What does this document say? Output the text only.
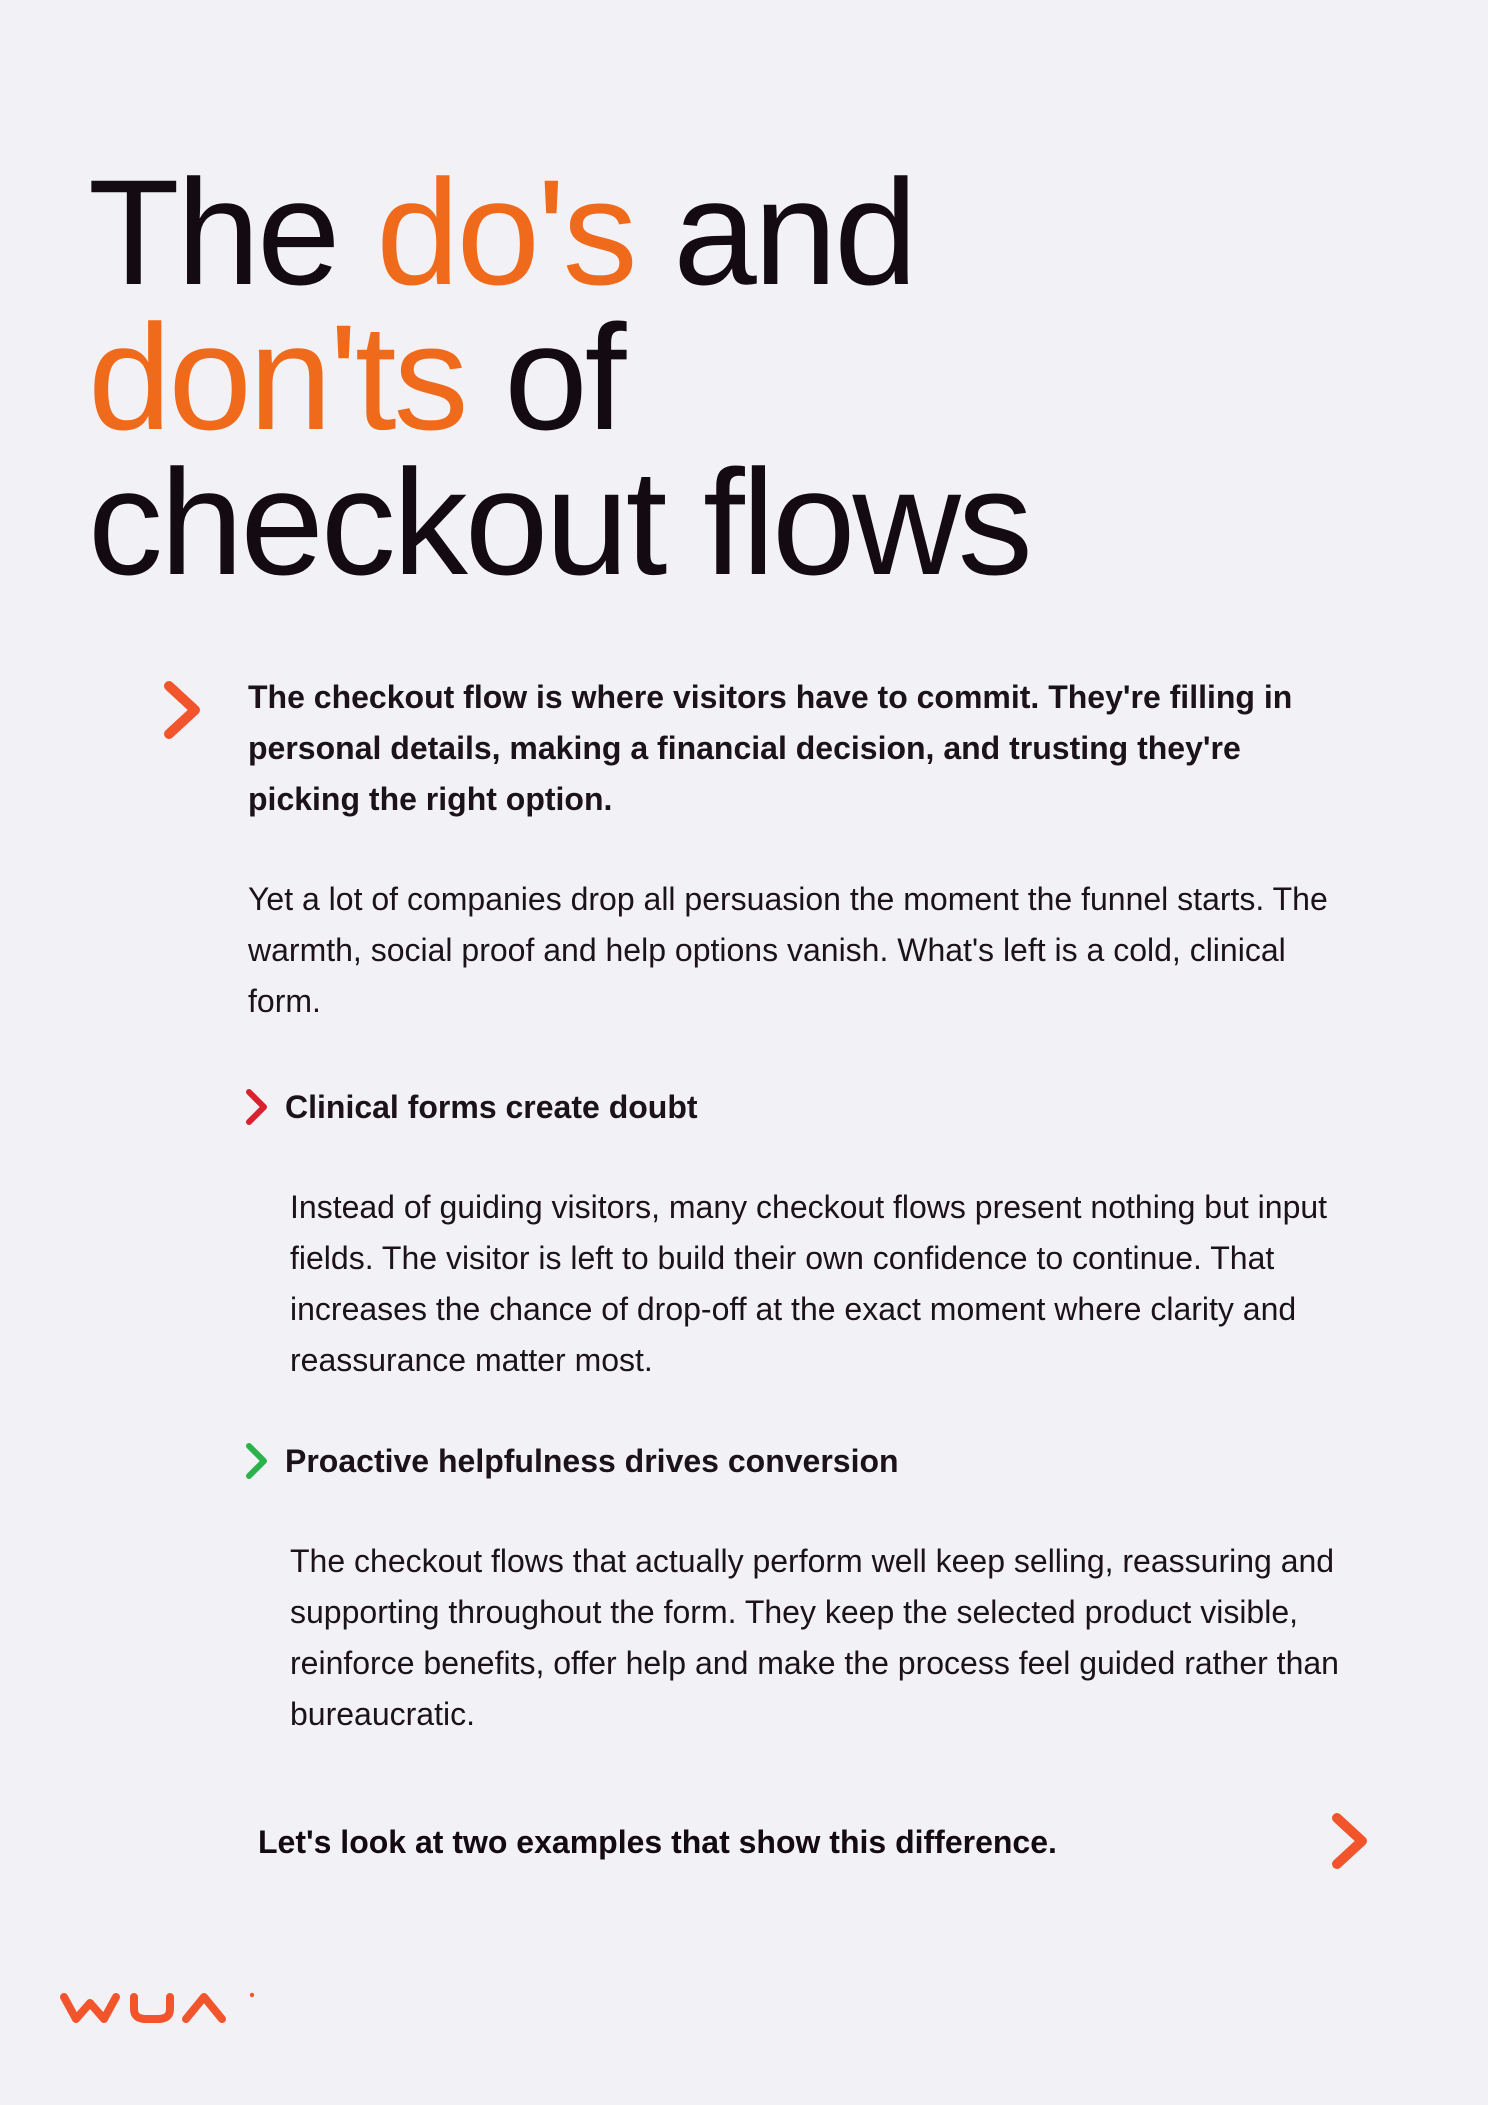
The do's and
don'ts of
checkout flows

The checkout flow is where visitors have to commit. They're filling in personal details, making a financial decision, and trusting they're picking the right option.

Yet a lot of companies drop all persuasion the moment the funnel starts. The warmth, social proof and help options vanish. What's left is a cold, clinical form.

Clinical forms create doubt

Instead of guiding visitors, many checkout flows present nothing but input fields. The visitor is left to build their own confidence to continue. That increases the chance of drop-off at the exact moment where clarity and reassurance matter most.

Proactive helpfulness drives conversion

The checkout flows that actually perform well keep selling, reassuring and supporting throughout the form. They keep the selected product visible, reinforce benefits, offer help and make the process feel guided rather than bureaucratic.

Let's look at two examples that show this difference.
